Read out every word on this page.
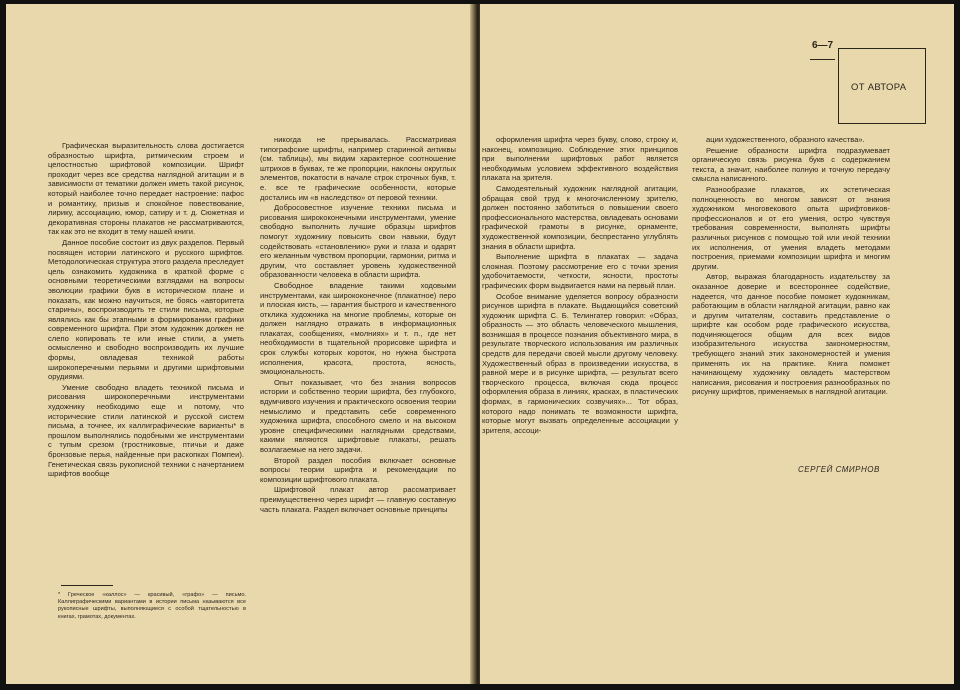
Графическая выразительность слова достигается образностью шрифта, ритмическим строем и целостностью шрифтовой композиции. Шрифт проходит через все средства наглядной агитации и в зависимости от тематики должен иметь такой рисунок, который наиболее точно передает настроение: пафос и романтику, призыв и спокойное повествование, лирику, ассоциацию, юмор, сатиру и т. д. Сюжетная и декоративная стороны плакатов не рассматриваются, так как это не входит в тему нашей книги.

Данное пособие состоит из двух разделов. Первый посвящен истории латинского и русского шрифтов. Методологическая структура этого раздела преследует цель ознакомить художника в краткой форме с основными теоретическими взглядами на вопросы эволюции графики букв в историческом плане и показать, как можно научиться, не боясь «авторитета старины», воспроизводить те стили письма, которые являлись как бы этапными в формировании графики современного шрифта. При этом художник должен не слепо копировать те или иные стили, а уметь осмысленно и свободно воспроизводить их лучшие формы, овладевая техникой работы широкоперечными перьями и другими шрифтовыми орудиями.

Умение свободно владеть техникой письма и рисования широкоперечными инструментами художнику необходимо еще и потому, что исторические стили латинской и русской систем письма, а точнее, их каллиграфические варианты* в прошлом выполнялись подобными же инструментами с тупым срезом (тростниковые, птичьи и даже бронзовые перья, найденные при раскопках Помпеи). Генетическая связь рукописной техники с начертанием шрифтов вообще

никогда не прерывалась. Рассматривая типографские шрифты, например старинной антиквы (см. таблицы), мы видим характерное соотношение штрихов в буквах, те же пропорции, наклоны округлых элементов, покатости в начале строк строчных букв, т. е. все те графические особенности, которые достались им «в наследство» от перовой техники.

Добросовестное изучение техники письма и рисования ширококонечными инструментами, умение свободно выполнить лучшие образцы шрифтов помогут художнику повысить свои навыки, будут содействовать «становлению» руки и глаза и одарят его желанным чувством пропорции, гармонии, ритма и другим, что составляет уровень художественной образованности человека в области шрифта.

Свободное владение такими ходовыми инструментами, как ширококонечное (плакатное) перо и плоская кисть, — гарантия быстрого и качественного отклика художника на многие проблемы, которые он должен наглядно отражать в информационных плакатах, сообщениях, «молниях» и т. п., где нет необходимости в тщательной прорисовке шрифта и срок службы которых короток, но нужна быстрота исполнения, красота, простота, ясность, эмоциональность.

Опыт показывает, что без знания вопросов истории и собственно теории шрифта, без глубокого, вдумчивого изучения и практического освоения теории немыслимо и представить себе современного художника шрифта, способного смело и на высоком уровне специфическими наглядными средствами, какими являются шрифтовые плакаты, решать возлагаемые на него задачи.

Второй раздел пособия включает основные вопросы теории шрифта и рекомендации по композиции шрифтового плаката.

Шрифтовой плакат автор рассматривает преимущественно через шрифт — главную составную часть плаката. Раздел включает основные принципы

* Греческое «каллос» — красивый, «графо» — письмо. Каллиграфическими вариантами в истории письма называются все рукописные шрифты, выполняющиеся с особой тщательностью в книгах, грамотах, документах.
6—7
ОТ АВТОРА

оформления шрифта через букву, слово, строку и, наконец, композицию. Соблюдение этих принципов при выполнении шрифтовых работ является необходимым условием эффективного воздействия плаката на зрителя.

Самодеятельный художник наглядной агитации, обращая свой труд к многочисленному зрителю, должен постоянно заботиться о повышении своего профессионального мастерства, овладевать основами графической грамоты в рисунке, орнаменте, художественной композиции, беспрестанно углублять знания в области шрифта.

Выполнение шрифта в плакатах — задача сложная. Поэтому рассмотрение его с точки зрения удобочитаемости, четкости, ясности, простоты графических форм выдвигается нами на первый план.

Особое внимание уделяется вопросу образности рисунков шрифта в плакате. Выдающийся советский художник шрифта С. Б. Телингатер говорил: «Образ, образность — это область человеческого мышления, возникшая в процессе познания объективного мира, в результате творческого использования им различных средств для передачи своей мысли другому человеку. Художественный образ в произведении искусства, в равной мере и в рисунке шрифта, — результат всего творческого процесса, включая сюда процесс оформления образа в линиях, красках, в пластических формах, в гармонических созвучиях»... Тот образ, которого надо понимать те возможности шрифта, которые могут вызвать определенные ассоциации у зрителя, ассоци-

ации художественного, образного качества».

Решение образности шрифта подразумевает органическую связь рисунка букв с содержанием текста, а значит, наиболее полную и точную передачу смысла написанного.

Разнообразие плакатов, их эстетическая полноценность во многом зависят от знания художником многовекового опыта шрифтовиков-профессионалов и от его умения, остро чувствуя требования современности, выполнять шрифты различных рисунков с помощью той или иной техники их исполнения, от умения владеть методами построения, приемами композиции шрифта и многим другим.

Автор, выражая благодарность издательству за оказанное доверие и всестороннее содействие, надеется, что данное пособие поможет художникам, работающим в области наглядной агитации, равно как и другим читателям, составить представление о шрифте как особом роде графического искусства, подчиняющегося общим для всех видов изобразительного искусства закономерностям, требующего знаний этих закономерностей и умения применять их на практике. Книга поможет начинающему художнику овладеть мастерством написания, рисования и построения разнообразных по рисунку шрифтов, применяемых в наглядной агитации.

СЕРГЕЙ СМИРНОВ
